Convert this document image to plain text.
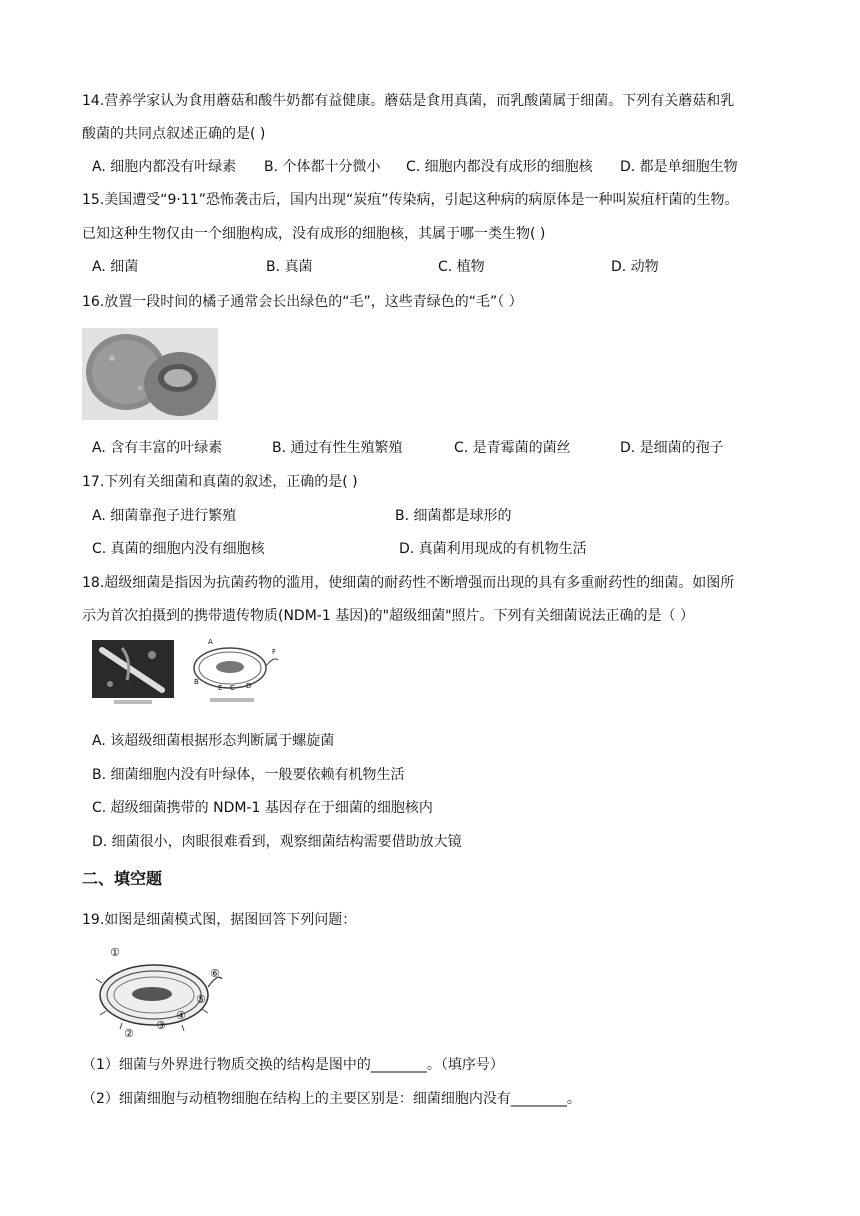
14.营养学家认为食用蘑菇和酸牛奶都有益健康。蘑菇是食用真菌，而乳酸菌属于细菌。下列有关蘑菇和乳
酸菌的共同点叙述正确的是( )
A. 细胞内都没有叶绿素 B. 个体都十分微小 C. 细胞内都没有成形的细胞核 D. 都是单细胞生物
15.美国遭受“9·11”恐怖袭击后，国内出现“炭疽”传染病，引起这种病的病原体是一种叫炭疽杆菌的生物。
已知这种生物仅由一个细胞构成，没有成形的细胞核，其属于哪一类生物( )
A. 细菌	B. 真菌	C. 植物	D. 动物
16.放置一段时间的橘子通常会长出绿色的“毛”，这些青绿色的“毛”（ ）
A. 含有丰富的叶绿素	B. 通过有性生殖繁殖	C. 是青霉菌的菌丝	D. 是细菌的孢子
17.下列有关细菌和真菌的叙述，正确的是( )
A. 细菌靠孢子进行繁殖	B. 细菌都是球形的
C. 真菌的细胞内没有细胞核	D. 真菌利用现成的有机物生活
18.超级细菌是指因为抗菌药物的滥用，使细菌的耐药性不断增强而出现的具有多重耐药性的细菌。如图所
示为首次拍摄到的携带遗传物质(NDM-1 基因)的"超级细菌"照片。下列有关细菌说法正确的是（ ）
A
B
C D
E
F
A. 该超级细菌根据形态判断属于螺旋菌
B. 细菌细胞内没有叶绿体，一般要依赖有机物生活
C. 超级细菌携带的 NDM-1 基因存在于细菌的细胞核内
D. 细菌很小，肉眼很难看到，观察细菌结构需要借助放大镜
二、填空题
19.如图是细菌模式图，据图回答下列问题：
①
②
③
④
⑤
⑥
（1）细菌与外界进行物质交换的结构是图中的________。（填序号）
（2）细菌细胞与动植物细胞在结构上的主要区别是：细菌细胞内没有________。
